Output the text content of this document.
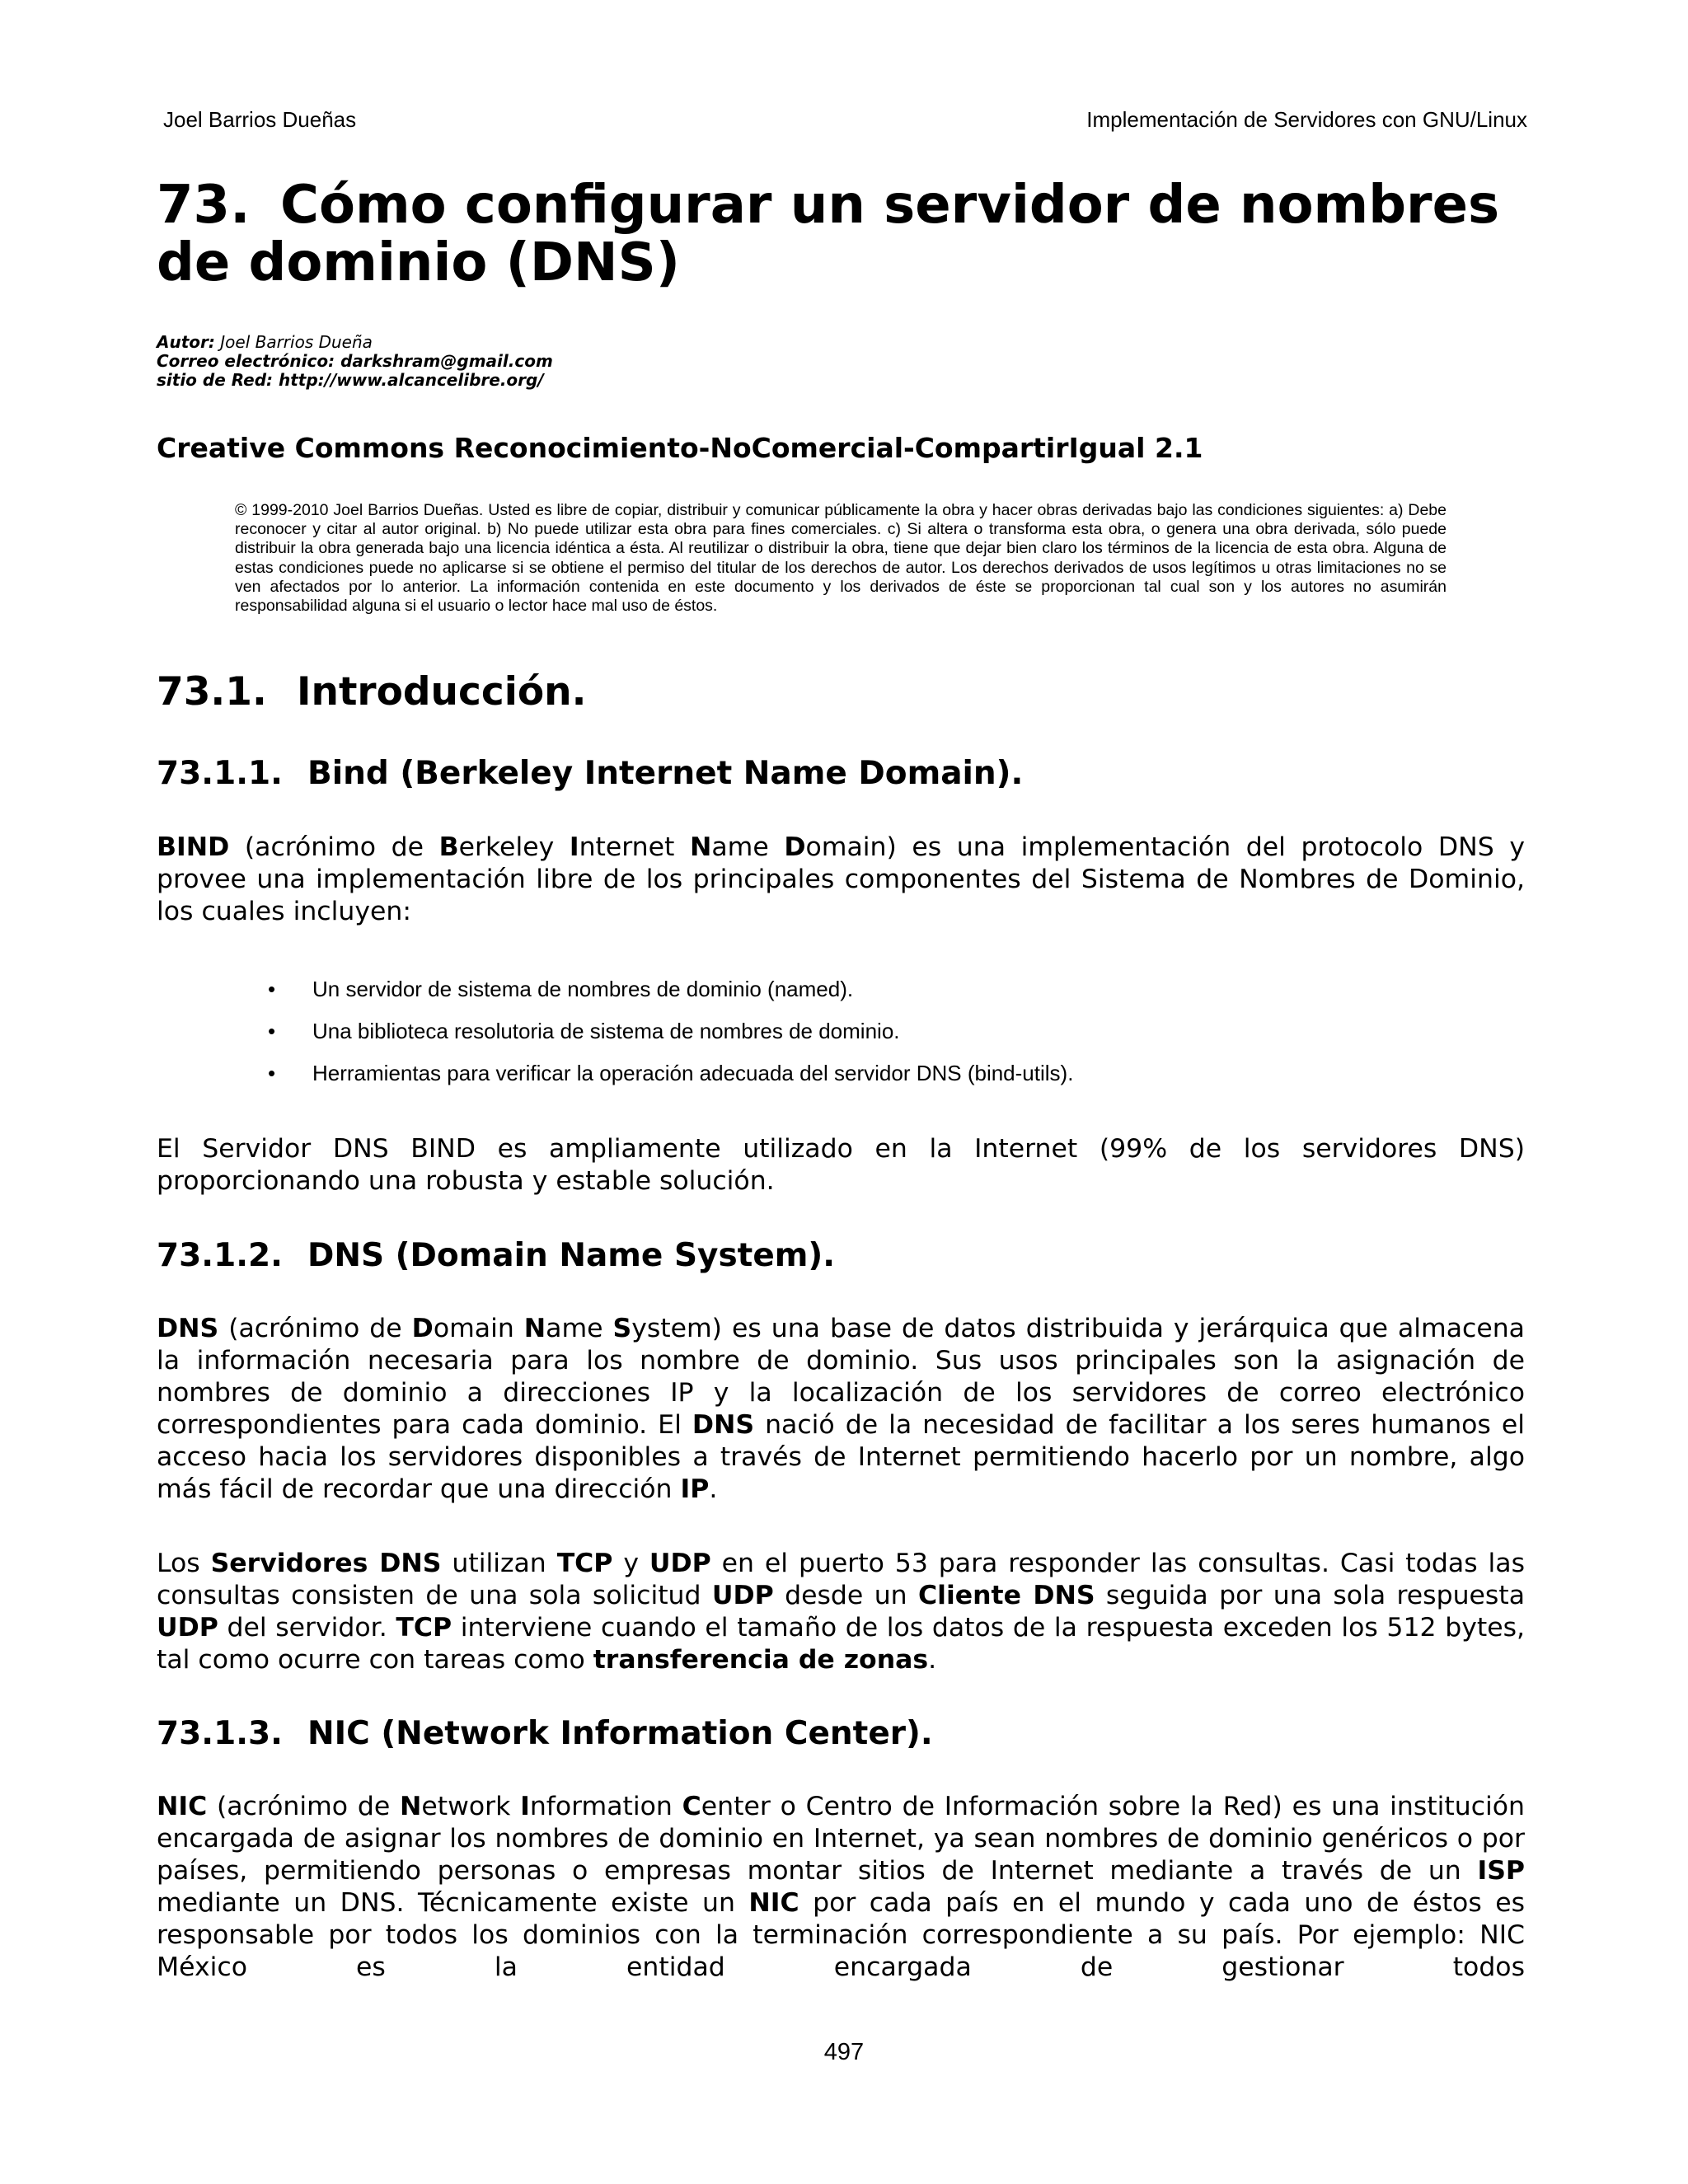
Joel Barrios Dueñas	Implementación de Servidores con GNU/Linux
73. Cómo configurar un servidor de nombres de dominio (DNS)
Autor: Joel Barrios Dueña
Correo electrónico: darkshram@gmail.com
sitio de Red: http://www.alcancelibre.org/
Creative Commons Reconocimiento-NoComercial-CompartirIgual 2.1
© 1999-2010 Joel Barrios Dueñas. Usted es libre de copiar, distribuir y comunicar públicamente la obra y hacer obras derivadas bajo las condiciones siguientes: a) Debe reconocer y citar al autor original. b) No puede utilizar esta obra para fines comerciales. c) Si altera o transforma esta obra, o genera una obra derivada, sólo puede distribuir la obra generada bajo una licencia idéntica a ésta. Al reutilizar o distribuir la obra, tiene que dejar bien claro los términos de la licencia de esta obra. Alguna de estas condiciones puede no aplicarse si se obtiene el permiso del titular de los derechos de autor. Los derechos derivados de usos legítimos u otras limitaciones no se ven afectados por lo anterior. La información contenida en este documento y los derivados de éste se proporcionan tal cual son y los autores no asumirán responsabilidad alguna si el usuario o lector hace mal uso de éstos.
73.1. Introducción.
73.1.1. Bind (Berkeley Internet Name Domain).
BIND (acrónimo de Berkeley Internet Name Domain) es una implementación del protocolo DNS y provee una implementación libre de los principales componentes del Sistema de Nombres de Dominio, los cuales incluyen:
• Un servidor de sistema de nombres de dominio (named).
• Una biblioteca resolutoria de sistema de nombres de dominio.
• Herramientas para verificar la operación adecuada del servidor DNS (bind-utils).
El Servidor DNS BIND es ampliamente utilizado en la Internet (99% de los servidores DNS) proporcionando una robusta y estable solución.
73.1.2. DNS (Domain Name System).
DNS (acrónimo de Domain Name System) es una base de datos distribuida y jerárquica que almacena la información necesaria para los nombre de dominio. Sus usos principales son la asignación de nombres de dominio a direcciones IP y la localización de los servidores de correo electrónico correspondientes para cada dominio. El DNS nació de la necesidad de facilitar a los seres humanos el acceso hacia los servidores disponibles a través de Internet permitiendo hacerlo por un nombre, algo más fácil de recordar que una dirección IP.
Los Servidores DNS utilizan TCP y UDP en el puerto 53 para responder las consultas. Casi todas las consultas consisten de una sola solicitud UDP desde un Cliente DNS seguida por una sola respuesta UDP del servidor. TCP interviene cuando el tamaño de los datos de la respuesta exceden los 512 bytes, tal como ocurre con tareas como transferencia de zonas.
73.1.3. NIC (Network Information Center).
NIC (acrónimo de Network Information Center o Centro de Información sobre la Red) es una institución encargada de asignar los nombres de dominio en Internet, ya sean nombres de dominio genéricos o por países, permitiendo personas o empresas montar sitios de Internet mediante a través de un ISP mediante un DNS. Técnicamente existe un NIC por cada país en el mundo y cada uno de éstos es responsable por todos los dominios con la terminación correspondiente a su país. Por ejemplo: NIC México es la entidad encargada de gestionar todos
497
